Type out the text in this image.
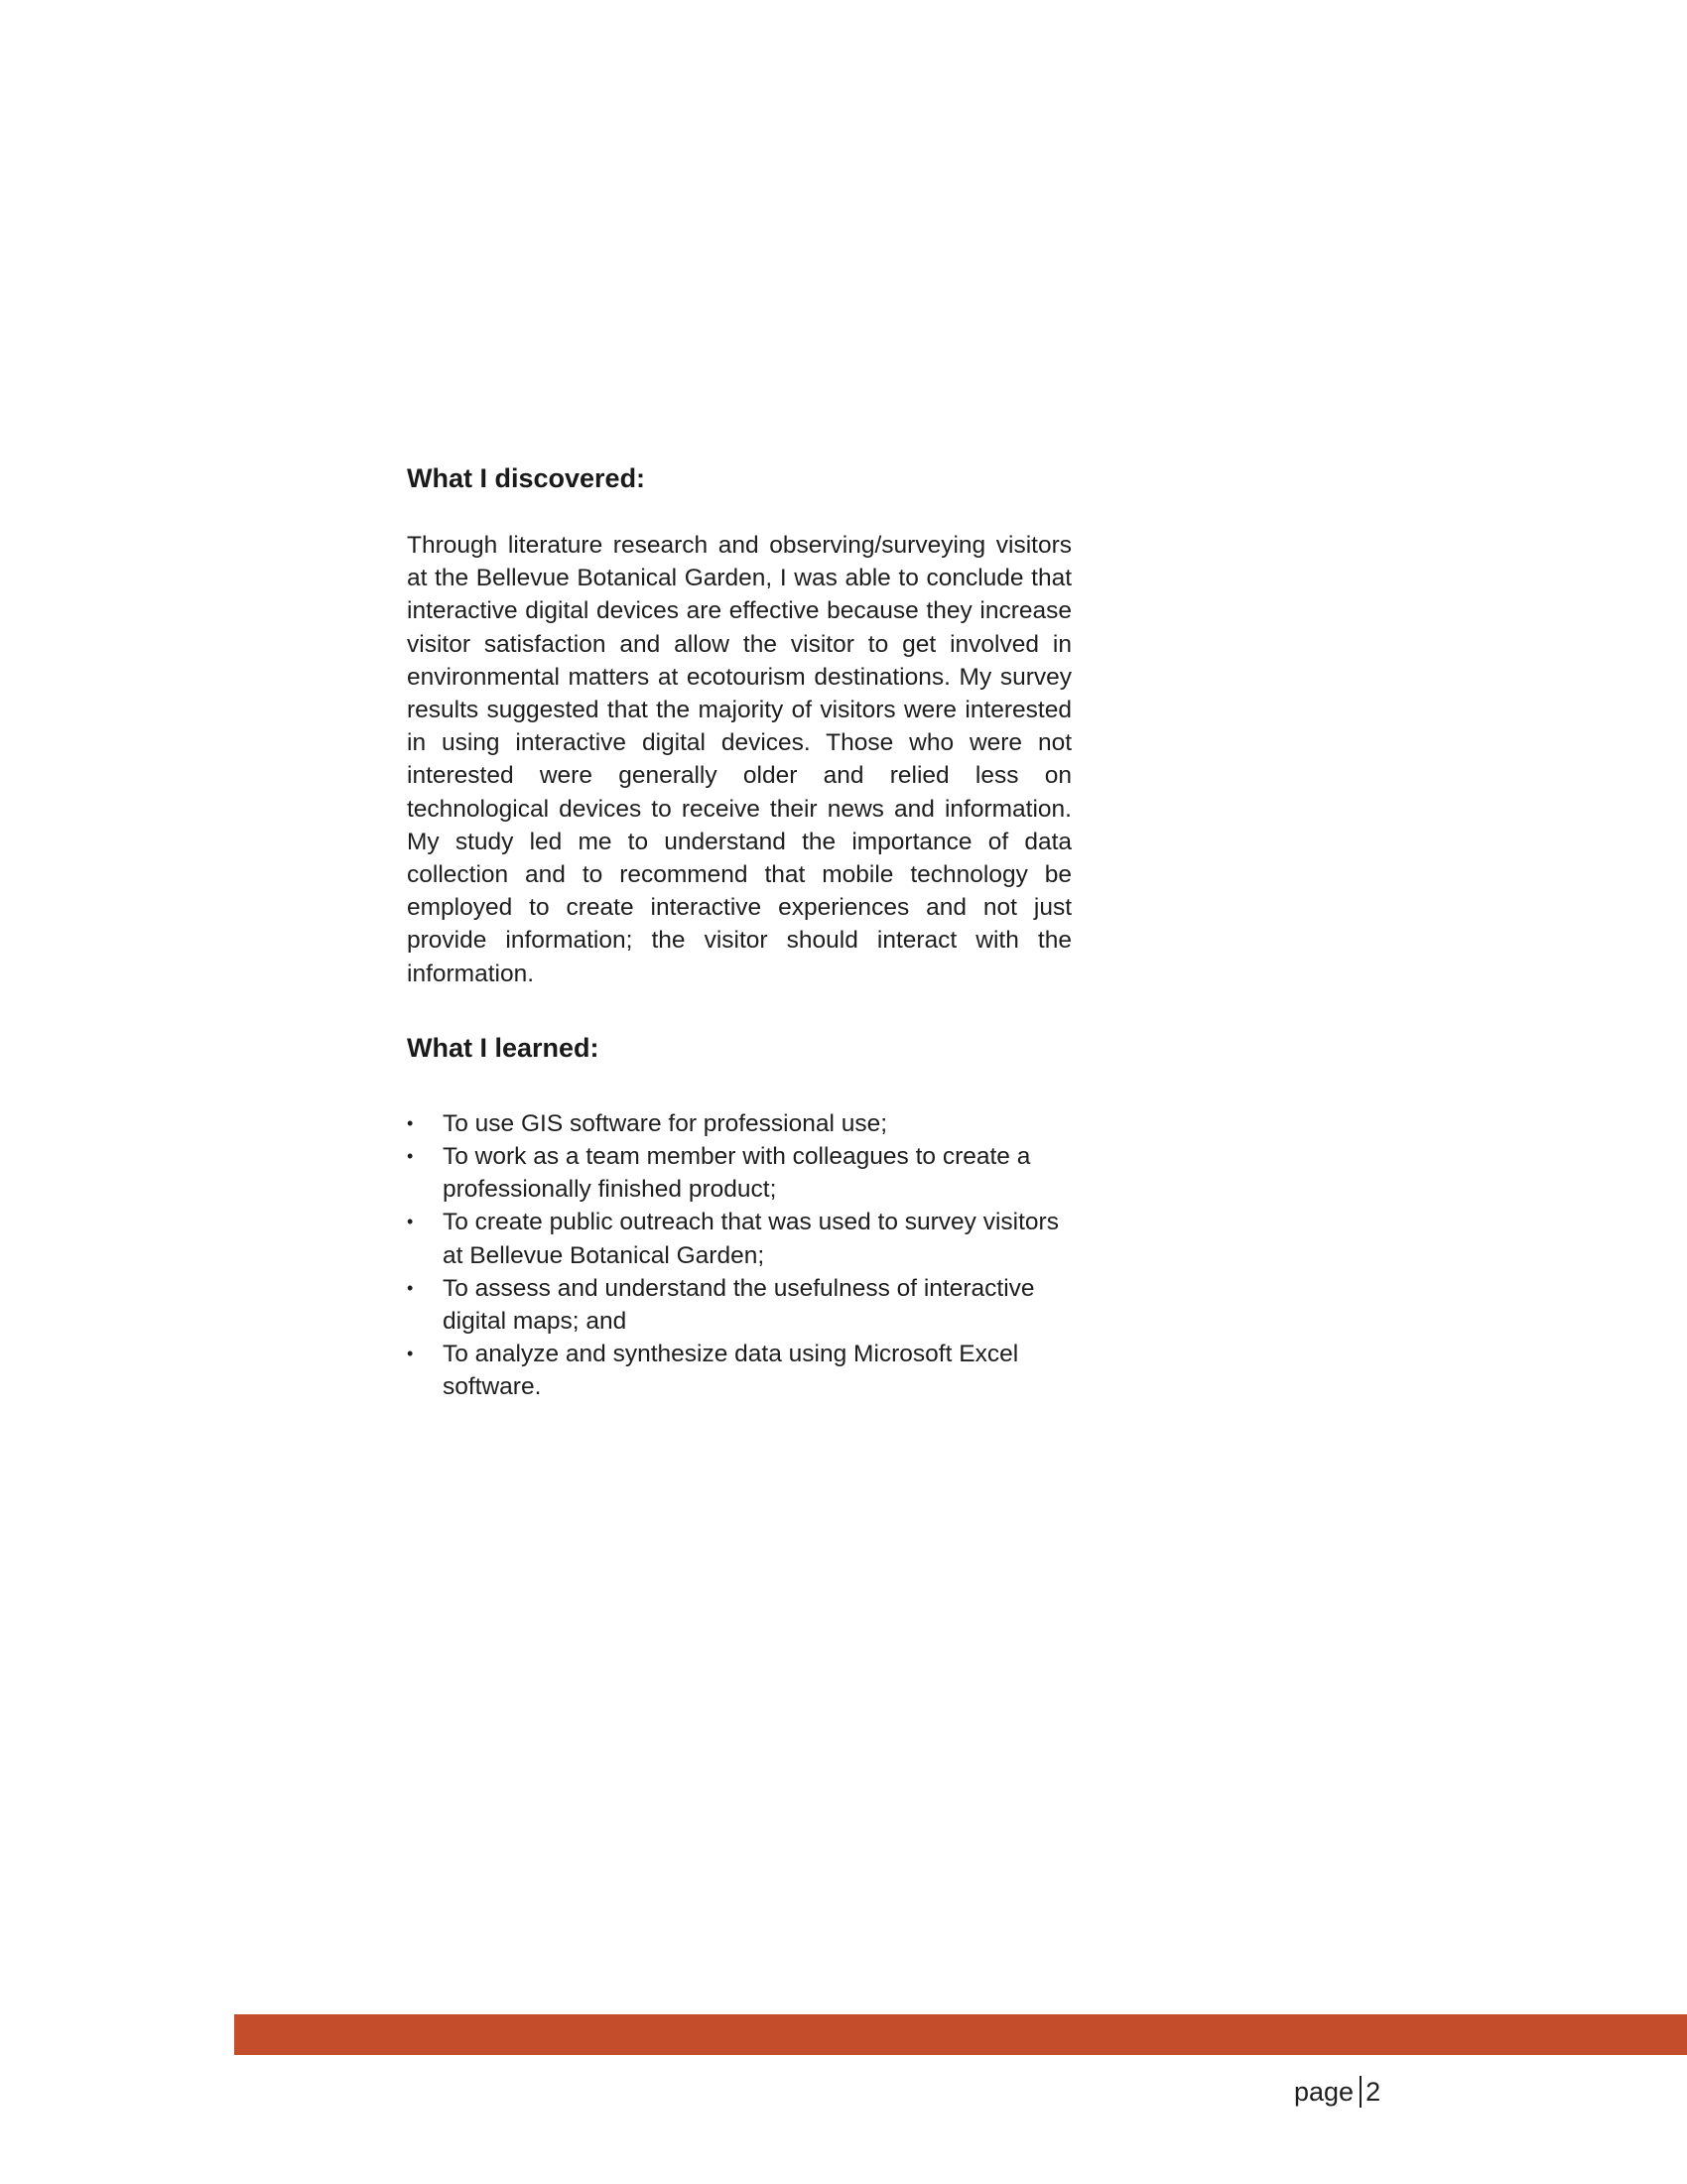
What I discovered:

Through literature research and observing/surveying visitors at the Bellevue Botanical Garden, I was able to conclude that interactive digital devices are effective because they increase visitor satisfaction and allow the visitor to get involved in environmental matters at ecotourism destinations. My survey results suggested that the majority of visitors were interested in using interactive digital devices. Those who were not interested were generally older and relied less on technological devices to receive their news and information. My study led me to understand the importance of data collection and to recommend that mobile technology be employed to create interactive experiences and not just provide information; the visitor should interact with the information.

What I learned:
•	To use GIS software for professional use;
•	To work as a team member with colleagues to create a professionally finished product;
•	To create public outreach that was used to survey visitors at Bellevue Botanical Garden;
•	To assess and understand the usefulness of interactive digital maps; and
•	To analyze and synthesize data using Microsoft Excel software.
page 2
